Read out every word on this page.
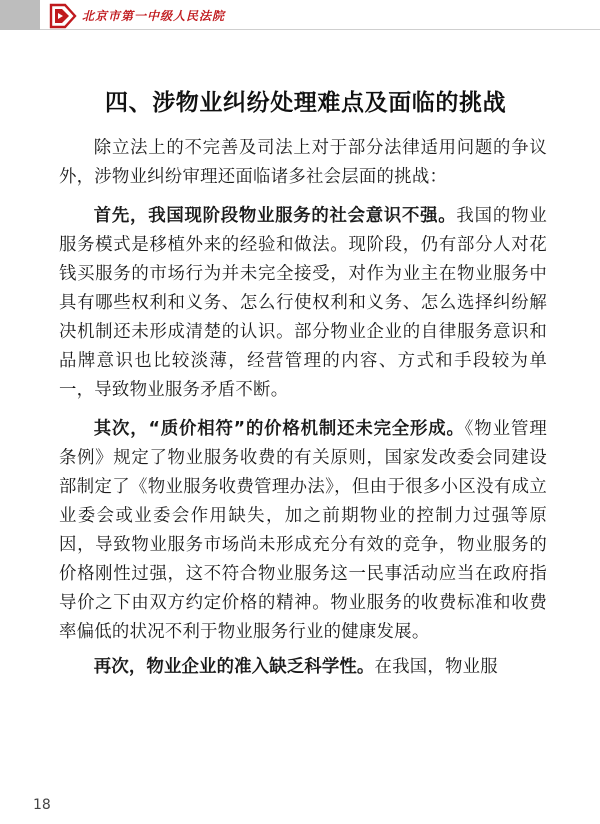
北京市第一中级人民法院
四、涉物业纠纷处理难点及面临的挑战

除立法上的不完善及司法上对于部分法律适用问题的争议外，涉物业纠纷审理还面临诸多社会层面的挑战：

首先，我国现阶段物业服务的社会意识不强。我国的物业服务模式是移植外来的经验和做法。现阶段，仍有部分人对花钱买服务的市场行为并未完全接受，对作为业主在物业服务中具有哪些权利和义务、怎么行使权利和义务、怎么选择纠纷解决机制还未形成清楚的认识。部分物业企业的自律服务意识和品牌意识也比较淡薄，经营管理的内容、方式和手段较为单一，导致物业服务矛盾不断。

其次，“质价相符”的价格机制还未完全形成。《物业管理条例》规定了物业服务收费的有关原则，国家发改委会同建设部制定了《物业服务收费管理办法》，但由于很多小区没有成立业委会或业委会作用缺失，加之前期物业的控制力过强等原因，导致物业服务市场尚未形成充分有效的竞争，物业服务的价格刚性过强，这不符合物业服务这一民事活动应当在政府指导价之下由双方约定价格的精神。物业服务的收费标准和收费率偏低的状况不利于物业服务行业的健康发展。

再次，物业企业的准入缺乏科学性。在我国，物业服

18
